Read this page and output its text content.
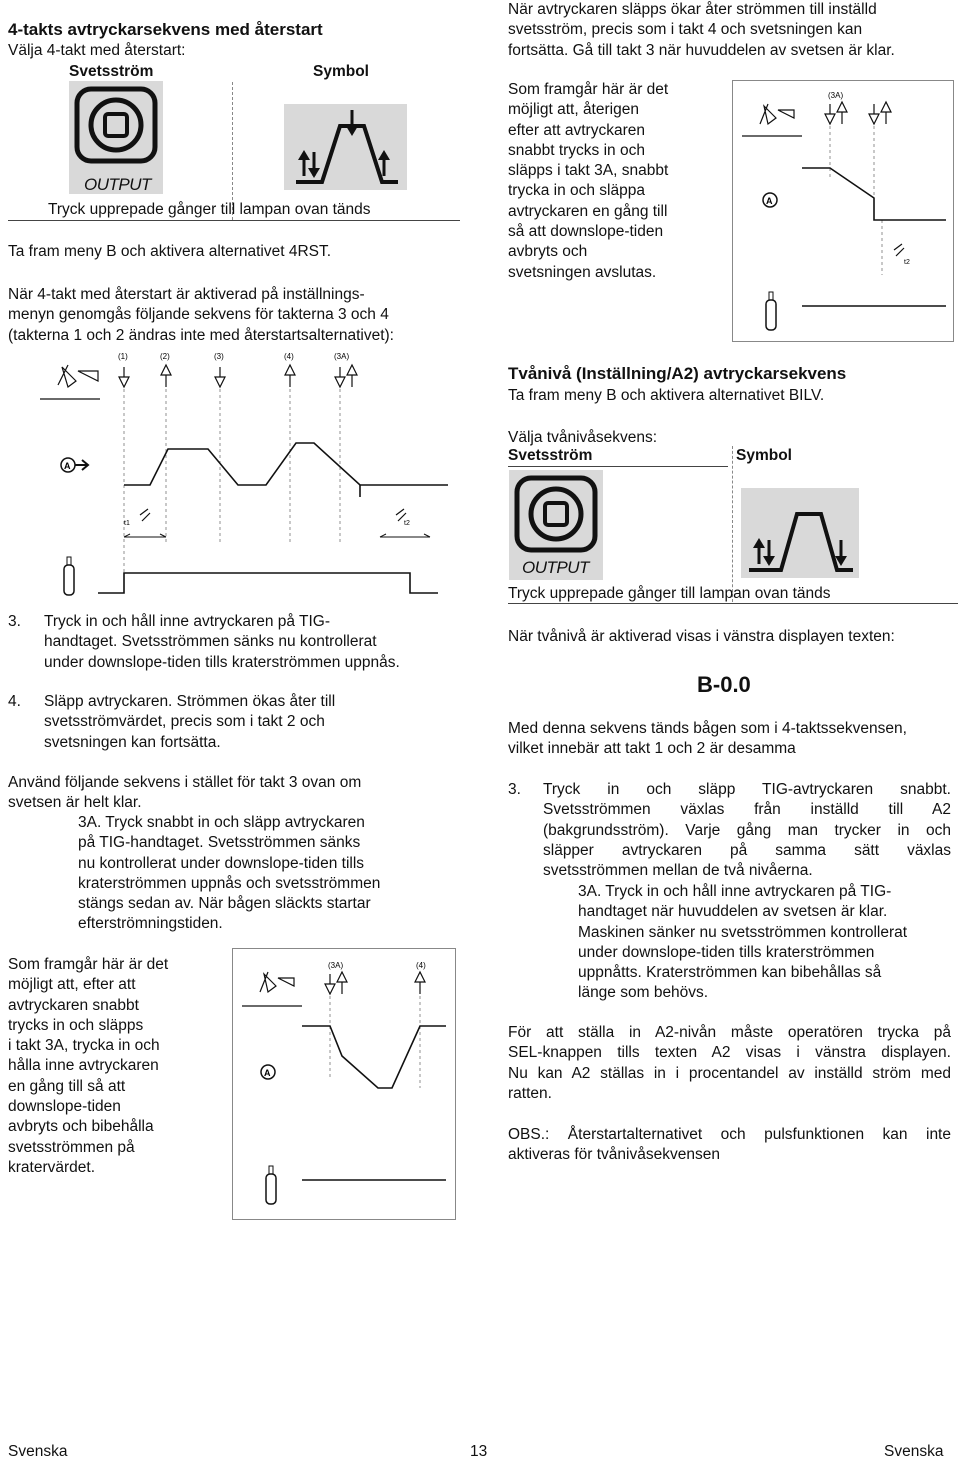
4-takts avtryckarsekvens med återstart
Välja 4-takt med återstart:
Svetsström	Symbol
OUTPUT
Tryck upprepade gånger till lampan ovan tänds
Ta fram meny B och aktivera alternativet 4RST.
När 4-takt med återstart är aktiverad på inställnings-
menyn genomgås följande sekvens för takterna 3 och 4
(takterna 1 och 2 ändras inte med återstartsalternativet):
(1)	(2)	(3)	(4)	(3A)
A
t1	t2
3. Tryck in och håll inne avtryckaren på TIG-
handtaget. Svetsströmmen sänks nu kontrollerat
under downslope-tiden tills kraterströmmen uppnås.
4. Släpp avtryckaren. Strömmen ökas åter till
svetsströmvärdet, precis som i takt 2 och
svetsningen kan fortsätta.
Använd följande sekvens i stället för takt 3 ovan om
svetsen är helt klar.
3A. Tryck snabbt in och släpp avtryckaren
på TIG-handtaget. Svetsströmmen sänks
nu kontrollerat under downslope-tiden tills
kraterströmmen uppnås och svetsströmmen
stängs sedan av. När bågen släckts startar
efterströmningstiden.
Som framgår här är det
möjligt att, efter att
avtryckaren snabbt
trycks in och släpps
i takt 3A, trycka in och
hålla inne avtryckaren
en gång till så att
downslope-tiden
avbryts och bibehålla
svetsströmmen på
kratervärdet.
(3A)	(4)
A
När avtryckaren släpps ökar åter strömmen till inställd
svetsström, precis som i takt 4 och svetsningen kan
fortsätta. Gå till takt 3 när huvuddelen av svetsen är klar.
Som framgår här är det
möjligt att, återigen
efter att avtryckaren
snabbt trycks in och
släpps i takt 3A, snabbt
trycka in och släppa
avtryckaren en gång till
så att downslope-tiden
avbryts och
svetsningen avslutas.
(3A)
A
t2
Tvånivå (Inställning/A2) avtryckarsekvens
Ta fram meny B och aktivera alternativet BILV.
Välja tvånivåsekvens:
Svetsström	Symbol
OUTPUT
Tryck upprepade gånger till lampan ovan tänds
När tvånivå är aktiverad visas i vänstra displayen texten:
B-0.0
Med denna sekvens tänds bågen som i 4-taktssekvensen,
vilket innebär att takt 1 och 2 är desamma
3. Tryck in och släpp TIG-avtryckaren snabbt.
Svetsströmmen växlas från inställd till A2
(bakgrundsström). Varje gång man trycker in och
släpper avtryckaren på samma sätt växlas
svetsströmmen mellan de två nivåerna.
3A. Tryck in och håll inne avtryckaren på TIG-
handtaget när huvuddelen av svetsen är klar.
Maskinen sänker nu svetsströmmen kontrollerat
under downslope-tiden tills kraterströmmen
uppnåtts. Kraterströmmen kan bibehållas så
länge som behövs.
För att ställa in A2-nivån måste operatören trycka på
SEL-knappen tills texten A2 visas i vänstra displayen.
Nu kan A2 ställas in i procentandel av inställd ström med
ratten.
OBS.: Återstartalternativet och pulsfunktionen kan inte
aktiveras för tvånivåsekvensen
Svenska	13	Svenska
